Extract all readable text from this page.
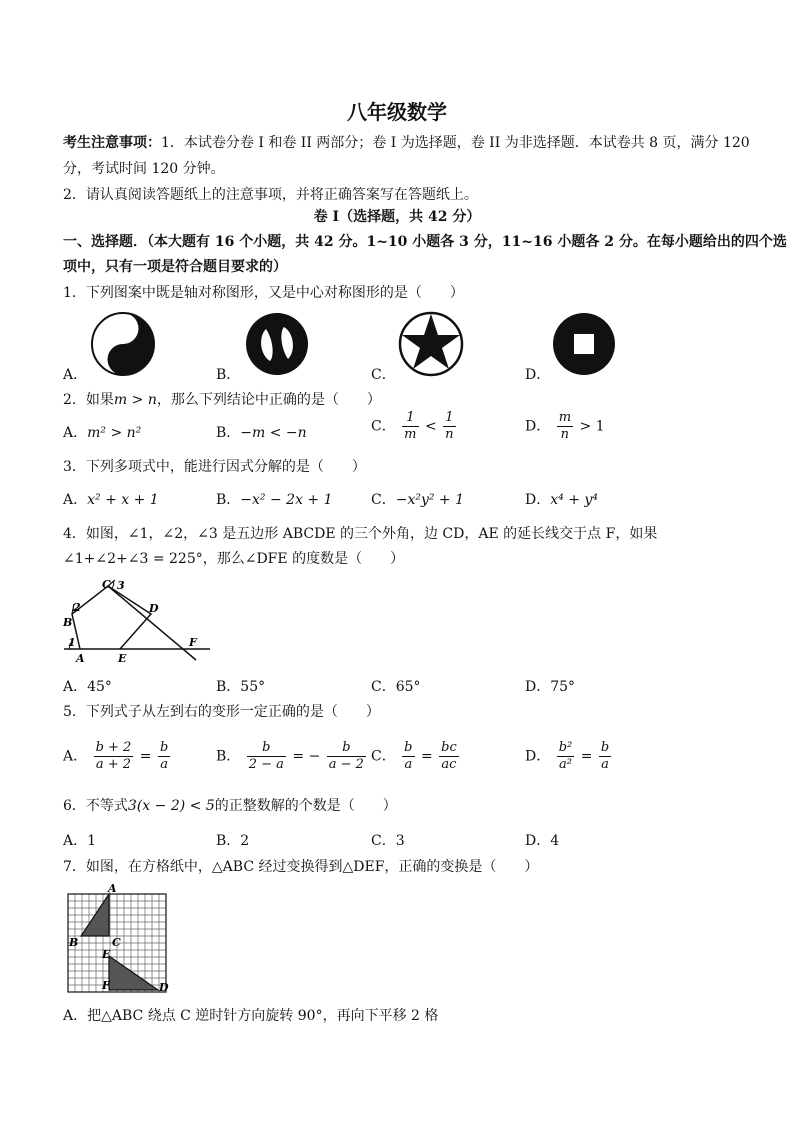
八年级数学
考生注意事项：1．本试卷分卷 I 和卷 II 两部分；卷 I 为选择题，卷 II 为非选择题．本试卷共 8 页，满分 120
分，考试时间 120 分钟。
2．请认真阅读答题纸上的注意事项，并将正确答案写在答题纸上。
卷 I（选择题，共 42 分）
一、选择题．（本大题有 16 个小题，共 42 分。1~10 小题各 3 分，11~16 小题各 2 分。在每小题给出的四个选
项中，只有一项是符合题目要求的）
1．下列图案中既是轴对称图形，又是中心对称图形的是（　　）
A．	B．	C．	D．
2．如果m > n，那么下列结论中正确的是（　　）
A．m² > n²	B．−m < −n	C． $\frac{1}{m} < \frac{1}{n}$	D． $\frac{m}{n} > 1$
3．下列多项式中，能进行因式分解的是（　　）
A．x² + x + 1	B．−x² − 2x + 1	C．−x²y² + 1	D．x⁴ + y⁴
4．如图，∠1，∠2，∠3 是五边形 ABCDE 的三个外角，边 CD，AE 的延长线交于点 F，如果
∠1+∠2+∠3 = 225°，那么∠DFE 的度数是（　　）
C 3
2
B
1
A
D
E
F
A．45°	B．55°	C．65°	D．75°
5．下列式子从左到右的变形一定正确的是（　　）
A． $\frac{b + 2}{a + 2} = \frac{b}{a}$	B． $\frac{b}{2 - a}$ = − $\frac{b}{a - 2}$ C． $\frac{b}{a} = \frac{bc}{ac}$	D． $\frac{\text{b²}}{\text{a²}} = \frac{b}{a}$
6．不等式3(x − 2) < 5的正整数解的个数是（　　）
A．1	B．2	C．3	D．4
7．如图，在方格纸中，△ABC 经过变换得到△DEF，正确的变换是（　　）
A
B	C
E
F	D
A．把△ABC 绕点 C 逆时针方向旋转 90°，再向下平移 2 格
